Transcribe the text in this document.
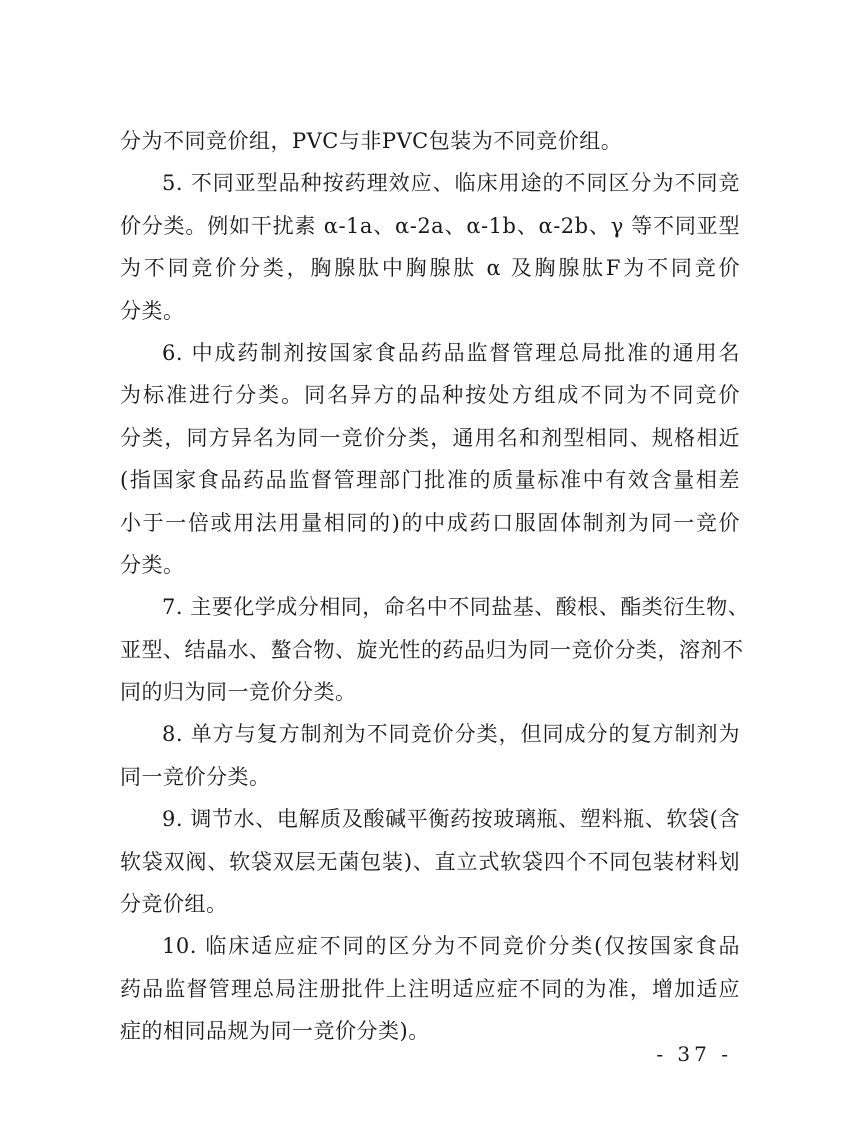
分为不同竞价组，PVC与非PVC包装为不同竞价组。
5. 不同亚型品种按药理效应、临床用途的不同区分为不同竞
价分类。例如干扰素 α-1a、α-2a、α-1b、α-2b、γ 等不同亚型
为不同竞价分类，胸腺肽中胸腺肽 α 及胸腺肽F为不同竞价
分类。
6. 中成药制剂按国家食品药品监督管理总局批准的通用名
为标准进行分类。同名异方的品种按处方组成不同为不同竞价
分类，同方异名为同一竞价分类，通用名和剂型相同、规格相近
(指国家食品药品监督管理部门批准的质量标准中有效含量相差
小于一倍或用法用量相同的)的中成药口服固体制剂为同一竞价
分类。
7. 主要化学成分相同，命名中不同盐基、酸根、酯类衍生物、
亚型、结晶水、螯合物、旋光性的药品归为同一竞价分类，溶剂不
同的归为同一竞价分类。
8. 单方与复方制剂为不同竞价分类，但同成分的复方制剂为
同一竞价分类。
9. 调节水、电解质及酸碱平衡药按玻璃瓶、塑料瓶、软袋(含
软袋双阀、软袋双层无菌包装)、直立式软袋四个不同包装材料划
分竞价组。
10. 临床适应症不同的区分为不同竞价分类(仅按国家食品
药品监督管理总局注册批件上注明适应症不同的为准，增加适应
症的相同品规为同一竞价分类)。
- 37 -
